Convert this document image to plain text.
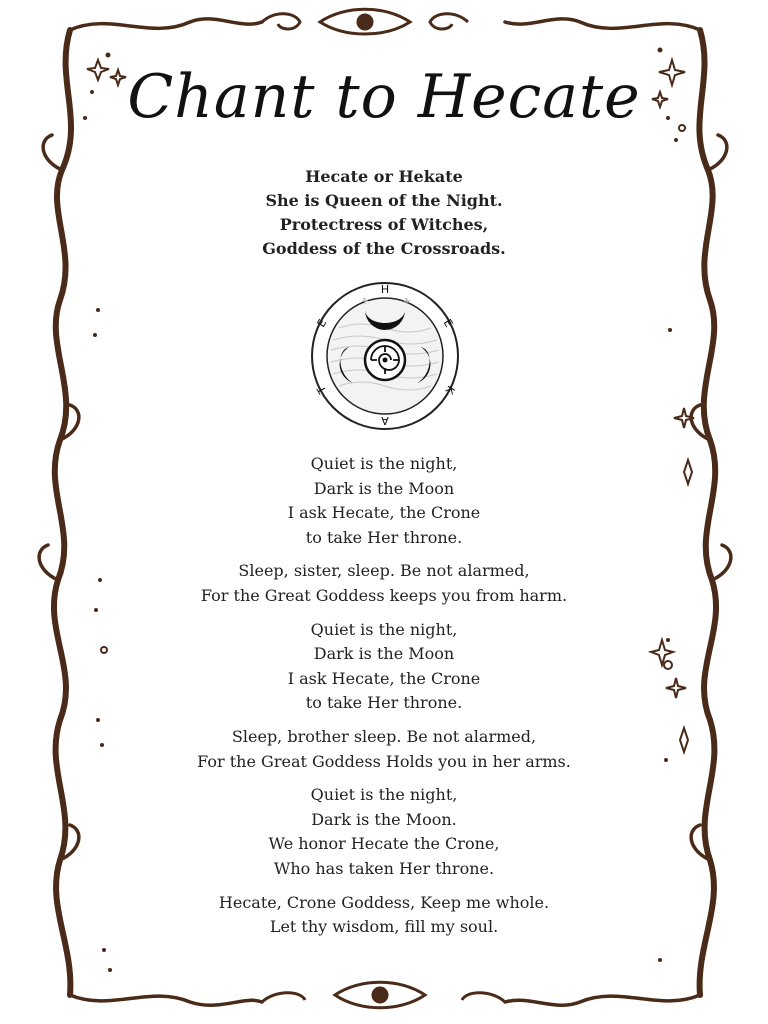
Chant to Hecate
Hecate or Hekate
She is Queen of the Night.
Protectress of Witches,
Goddess of the Crossroads.
H
E
K
A
T
E
Quiet is the night,
Dark is the Moon
I ask Hecate, the Crone
to take Her throne.
Sleep, sister, sleep. Be not alarmed,
For the Great Goddess keeps you from harm.
Quiet is the night,
Dark is the Moon
I ask Hecate, the Crone
to take Her throne.
Sleep, brother sleep. Be not alarmed,
For the Great Goddess Holds you in her arms.
Quiet is the night,
Dark is the Moon.
We honor Hecate the Crone,
Who has taken Her throne.
Hecate, Crone Goddess, Keep me whole.
Let thy wisdom, fill my soul.
